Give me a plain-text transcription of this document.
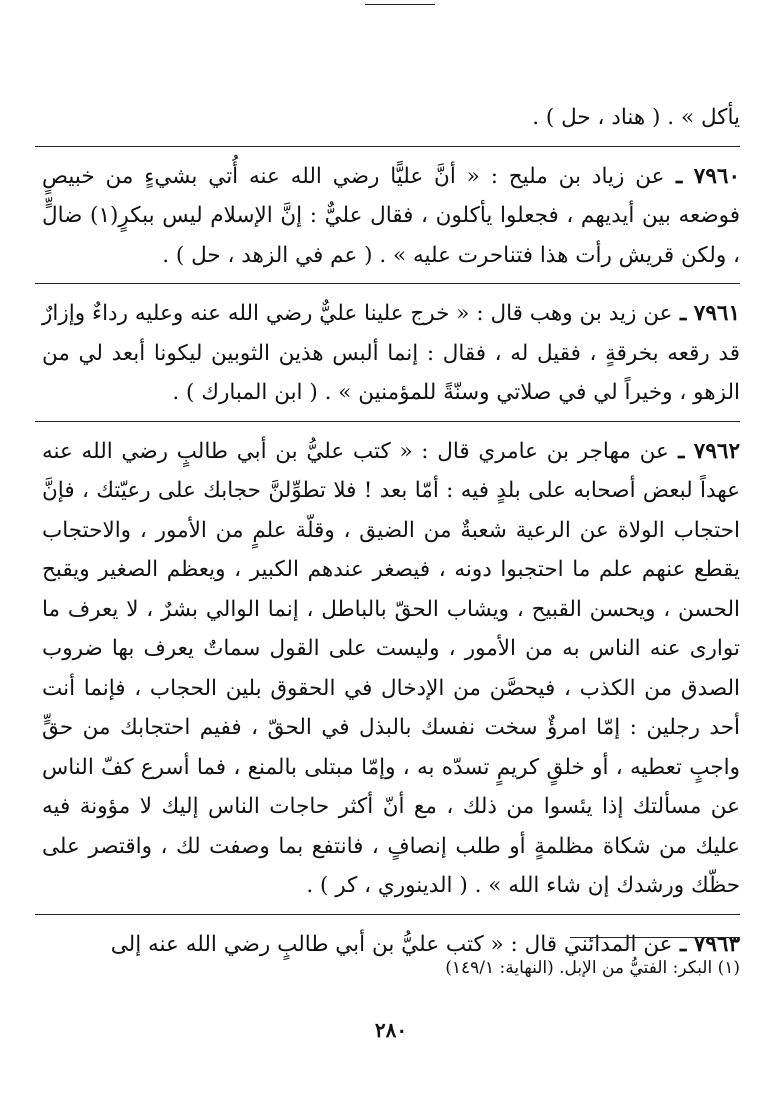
يأكل » . ( هناد ، حل ) .

٧٩٦٠ ـ عن زياد بن مليح : « أنَّ عليًّا رضي الله عنه أُتي بشيءٍ من خبيصٍ فوضعه بين أيديهم ، فجعلوا يأكلون ، فقال عليٌّ : إنَّ الإسلام ليس ببكرٍ(١) ضالٍّ ، ولكن قريش رأت هذا فتناحرت عليه » . ( عم في الزهد ، حل ) .

٧٩٦١ ـ عن زيد بن وهب قال : « خرج علينا عليٌّ رضي الله عنه وعليه رداءٌ وإزارٌ قد رقعه بخرقةٍ ، فقيل له ، فقال : إنما ألبس هذين الثوبين ليكونا أبعد لي من الزهو ، وخيراً لي في صلاتي وسنّةً للمؤمنين » . ( ابن المبارك ) .

٧٩٦٢ ـ عن مهاجر بن عامري قال : « كتب عليُّ بن أبي طالبٍ رضي الله عنه عهداً لبعض أصحابه على بلدٍ فيه : أمّا بعد ! فلا تطوِّلنَّ حجابك على رعيّتك ، فإنَّ احتجاب الولاة عن الرعية شعبةٌ من الضيق ، وقلّة علمٍ من الأمور ، والاحتجاب يقطع عنهم علم ما احتجبوا دونه ، فيصغر عندهم الكبير ، ويعظم الصغير ويقبح الحسن ، ويحسن القبيح ، ويشاب الحقّ بالباطل ، إنما الوالي بشرٌ ، لا يعرف ما توارى عنه الناس به من الأمور ، وليست على القول سماتٌ يعرف بها ضروب الصدق من الكذب ، فيحصَّن من الإدخال في الحقوق بلين الحجاب ، فإنما أنت أحد رجلين : إمّا امرؤٌ سخت نفسك بالبذل في الحقّ ، ففيم احتجابك من حقٍّ واجبٍ تعطيه ، أو خلقٍ كريمٍ تسدّه به ، وإمّا مبتلى بالمنع ، فما أسرع كفّ الناس عن مسألتك إذا يئسوا من ذلك ، مع أنّ أكثر حاجات الناس إليك لا مؤونة فيه عليك من شكاة مظلمةٍ أو طلب إنصافٍ ، فانتفع بما وصفت لك ، واقتصر على حظّك ورشدك إن شاء الله » . ( الدينوري ، كر ) .

٧٩٦٣ ـ عن المدائني قال : « كتب عليُّ بن أبي طالبٍ رضي الله عنه إلى

(١) البكر: الفتيُّ من الإبل. (النهاية: ١٤٩/١)
٢٨٠
